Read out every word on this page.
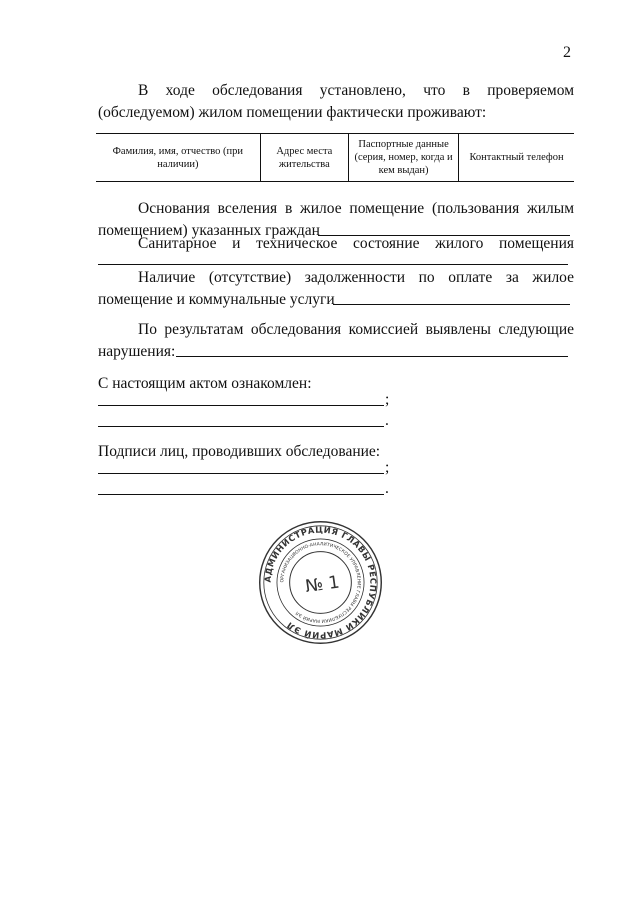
2
В ходе обследования установлено, что в проверяемом
(обследуемом) жилом помещении фактически проживают:
Фамилия, имя, отчество (при наличии)	Адрес места жительства	Паспортные данные (серия, номер, когда и кем выдан)	Контактный телефон
Основания вселения в жилое помещение (пользования жилым
помещением) указанных граждан
Санитарное и техническое состояние жилого помещения
Наличие (отсутствие) задолженности по оплате за жилое
помещение и коммунальные услуги
По результатам обследования комиссией выявлены следующие
нарушения:
С настоящим актом ознакомлен:
;
.
Подписи лиц, проводивших обследование:
;
.
АДМИНИСТРАЦИЯ ГЛАВЫ РЕСПУБЛИКИ МАРИЙ ЭЛ
ОРГАНИЗАЦИОННО-АНАЛИТИЧЕСКОЕ УПРАВЛЕНИЕ ГЛАВЫ РЕСПУБЛИКИ МАРИЙ ЭЛ
№ 1
